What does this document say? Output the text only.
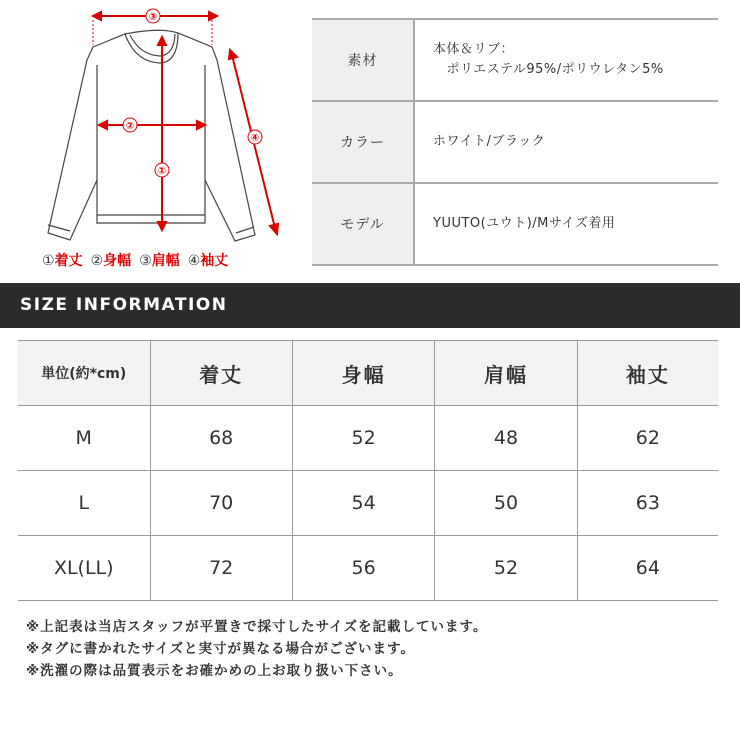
③
②
①
④
①着丈 ②身幅 ③肩幅 ④袖丈
素材	本体＆リブ：
　ポリエステル95%/ポリウレタン5%

カラー	ホワイト/ブラック
モデル	YUUTO(ユウト)/Mサイズ着用
SIZE INFORMATION
単位(約*cm)	着丈	身幅	肩幅	袖丈
M	68	52	48	62
L	70	54	50	63
XL(LL)	72	56	52	64
※上記表は当店スタッフが平置きで採寸したサイズを記載しています。
※タグに書かれたサイズと実寸が異なる場合がございます。
※洗濯の際は品質表示をお確かめの上お取り扱い下さい。
